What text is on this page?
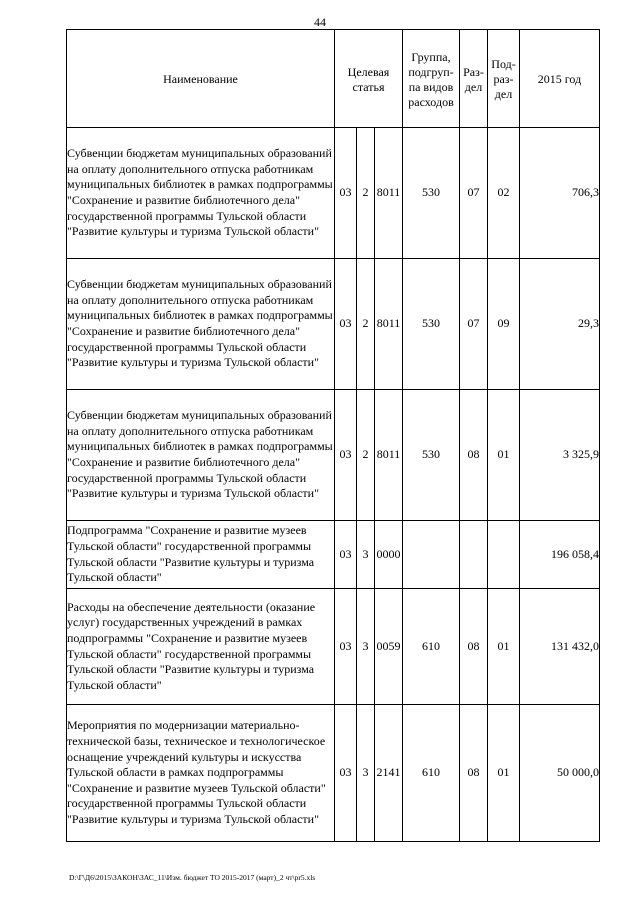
44
Наименование	Целевая статья			Группа, подгруп-па видов расходов	Раз-дел	Под-раз-дел	2015 год

Субвенции бюджетам муниципальных образований на оплату дополнительного отпуска работникам муниципальных библиотек в рамках подпрограммы "Сохранение и развитие библиотечного дела" государственной программы Тульской области "Развитие культуры и туризма Тульской области"	03	2	8011	530	07	02	706,3
Субвенции бюджетам муниципальных образований на оплату дополнительного отпуска работникам муниципальных библиотек в рамках подпрограммы "Сохранение и развитие библиотечного дела" государственной программы Тульской области "Развитие культуры и туризма Тульской области"	03	2	8011	530	07	09	29,3
Субвенции бюджетам муниципальных образований на оплату дополнительного отпуска работникам муниципальных библиотек в рамках подпрограммы "Сохранение и развитие библиотечного дела" государственной программы Тульской области "Развитие культуры и туризма Тульской области"	03	2	8011	530	08	01	3 325,9
Подпрограмма "Сохранение и развитие музеев Тульской области" государственной программы Тульской области "Развитие культуры и туризма Тульской области"	03	3	0000				196 058,4
Расходы на обеспечение деятельности (оказание услуг) государственных учреждений в рамках подпрограммы "Сохранение и развитие музеев Тульской области" государственной программы Тульской области "Развитие культуры и туризма Тульской области"	03	3	0059	610	08	01	131 432,0
Мероприятия по модернизации материально-технической базы, техническое и технологическое оснащение учреждений культуры и искусства Тульской области в рамках подпрограммы "Сохранение и развитие музеев Тульской области" государственной программы Тульской области "Развитие культуры и туризма Тульской области"	03	3	2141	610	08	01	50 000,0
D:\Г\Д6\2015\ЗАКОН\ЗАС_11\Изм. бюджет ТО 2015-2017 (март)_2 чт\pr5.xls
